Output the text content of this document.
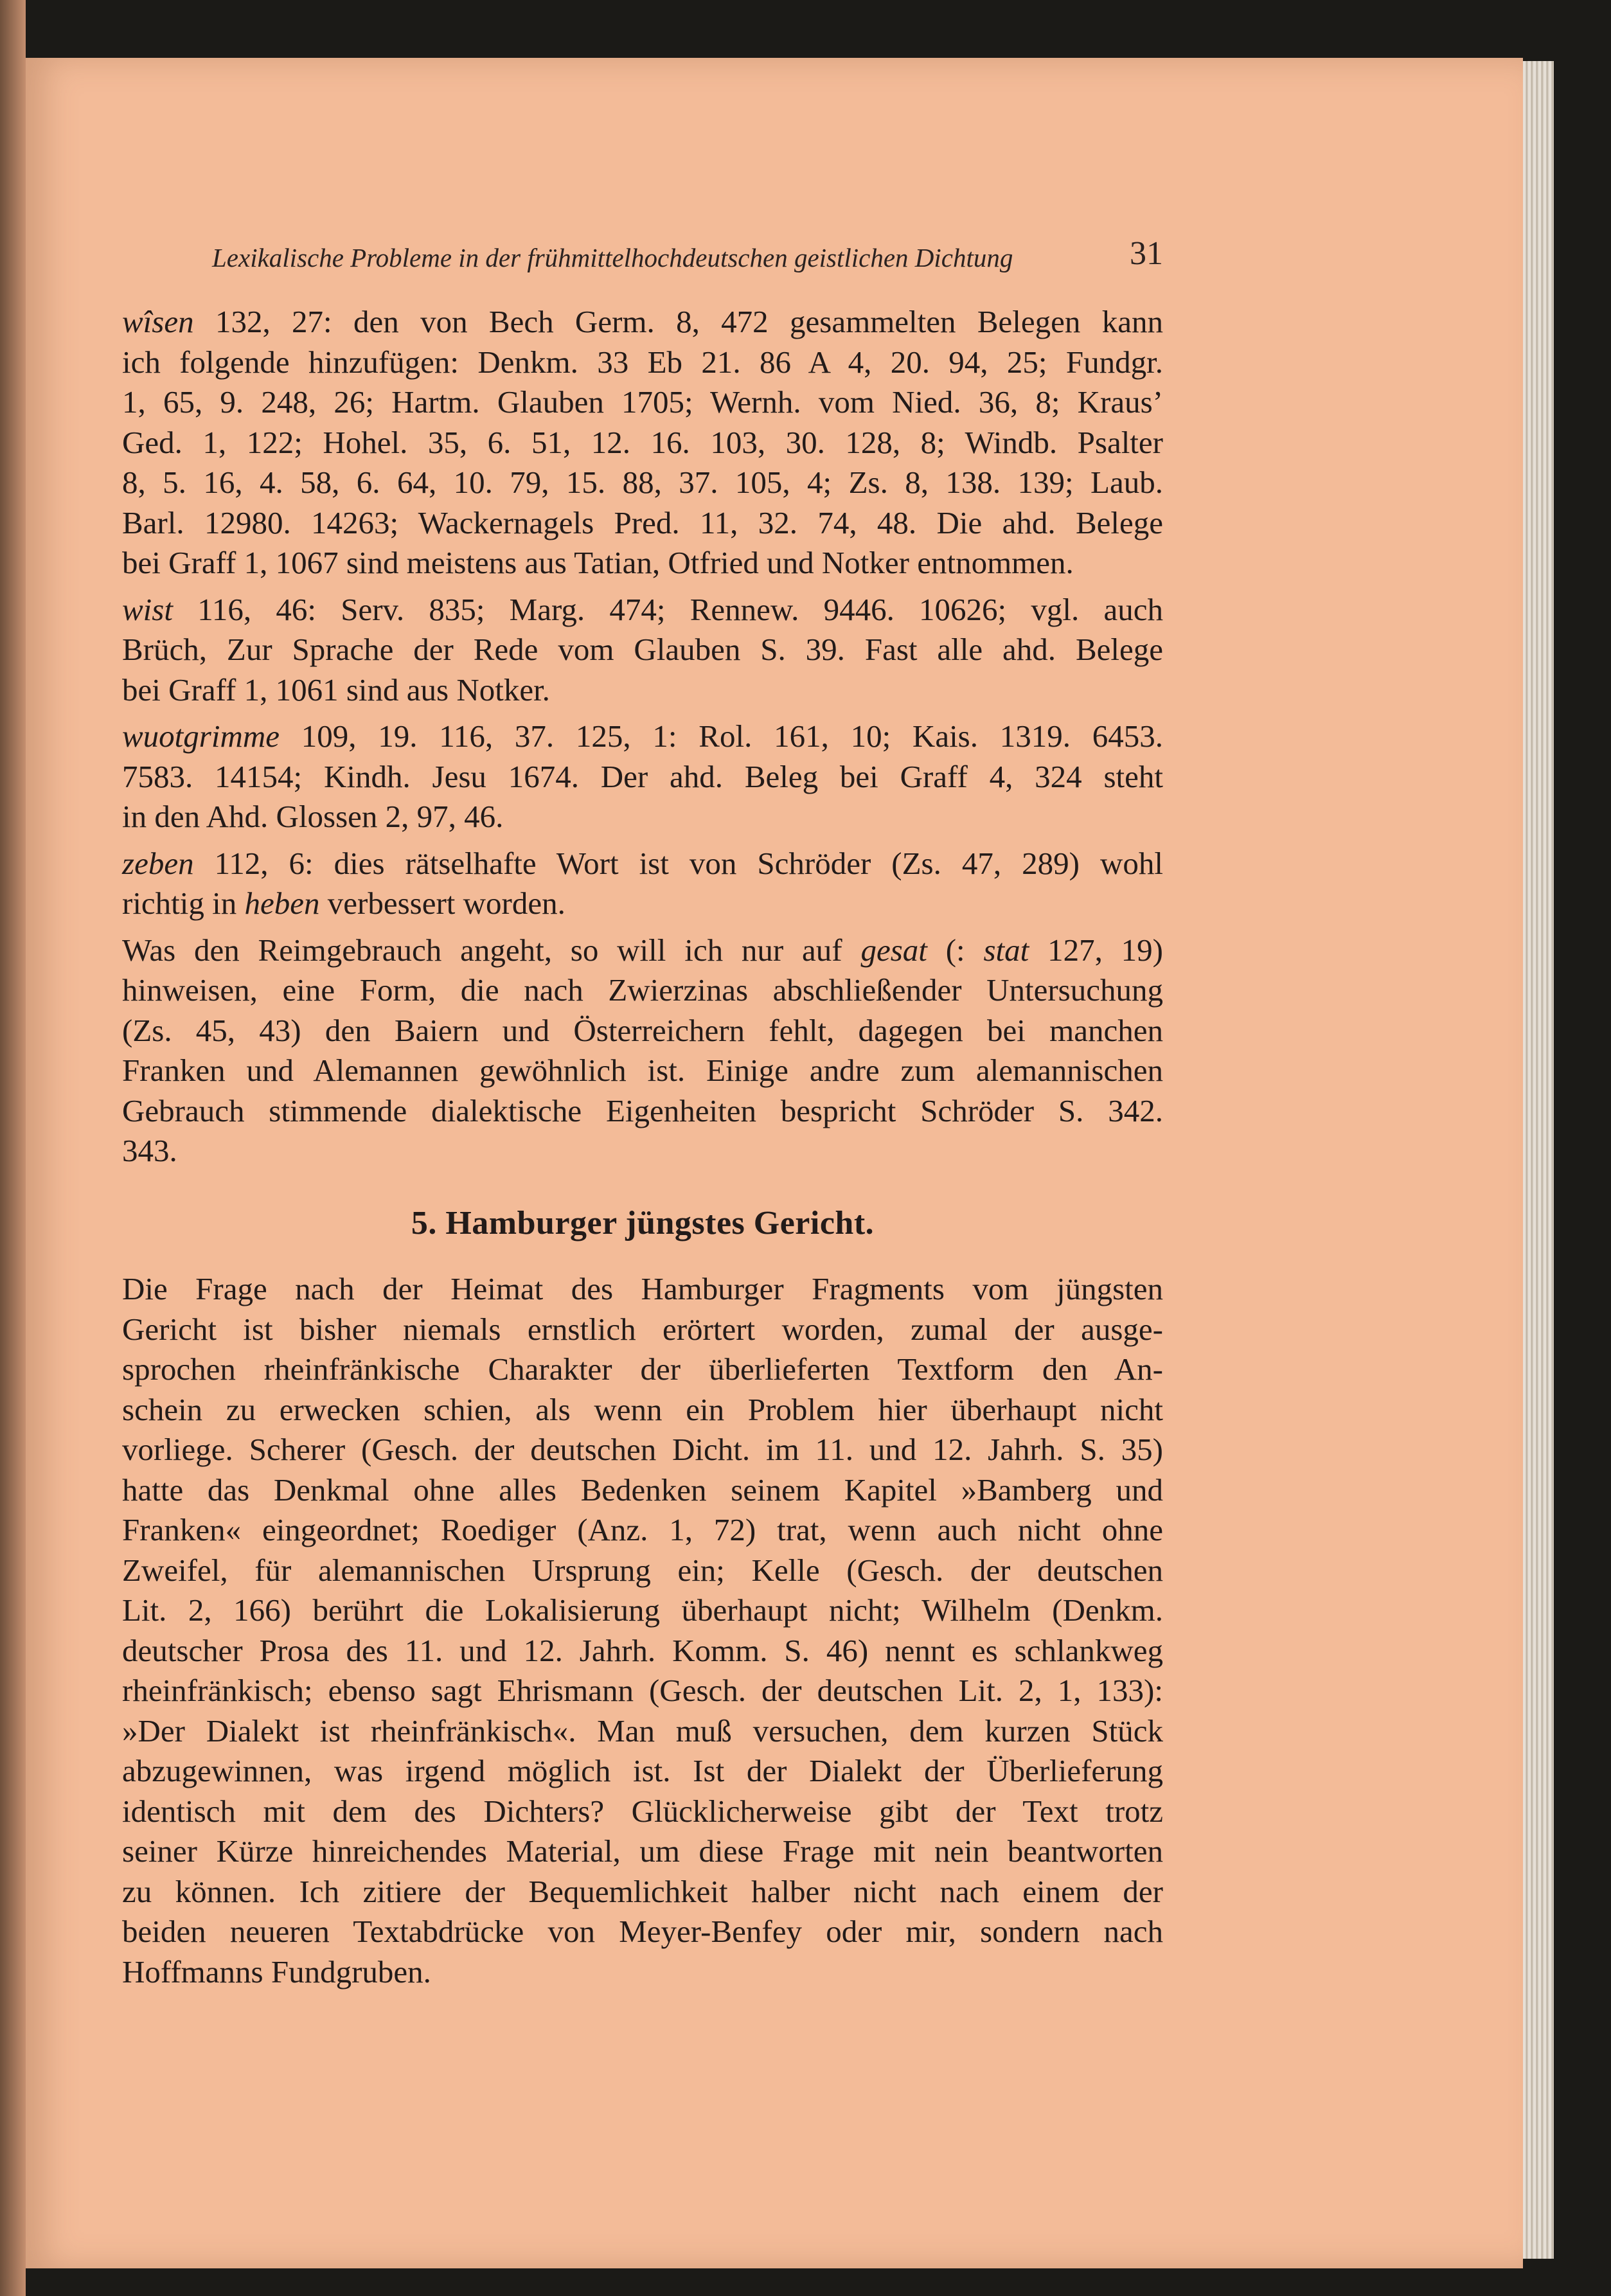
Lexikalische Probleme in der frühmittelhochdeutschen geistlichen Dichtung	31
wîsen 132, 27: den von Bech Germ. 8, 472 gesammelten Belegen kann
ich folgende hinzufügen: Denkm. 33 Eb 21. 86 A 4, 20. 94, 25; Fundgr.
1, 65, 9. 248, 26; Hartm. Glauben 1705; Wernh. vom Nied. 36, 8; Kraus’
Ged. 1, 122; Hohel. 35, 6. 51, 12. 16. 103, 30. 128, 8; Windb. Psalter
8, 5. 16, 4. 58, 6. 64, 10. 79, 15. 88, 37. 105, 4; Zs. 8, 138. 139; Laub.
Barl. 12980. 14263; Wackernagels Pred. 11, 32. 74, 48. Die ahd. Belege
bei Graff 1, 1067 sind meistens aus Tatian, Otfried und Notker entnommen.
wist 116, 46: Serv. 835; Marg. 474; Rennew. 9446. 10626; vgl. auch
Brüch, Zur Sprache der Rede vom Glauben S. 39. Fast alle ahd. Belege
bei Graff 1, 1061 sind aus Notker.
wuotgrimme 109, 19. 116, 37. 125, 1: Rol. 161, 10; Kais. 1319. 6453.
7583. 14154; Kindh. Jesu 1674. Der ahd. Beleg bei Graff 4, 324 steht
in den Ahd. Glossen 2, 97, 46.
zeben 112, 6: dies rätselhafte Wort ist von Schröder (Zs. 47, 289) wohl
richtig in heben verbessert worden.
Was den Reimgebrauch angeht, so will ich nur auf gesat (: stat 127, 19)
hinweisen, eine Form, die nach Zwierzinas abschließender Untersuchung
(Zs. 45, 43) den Baiern und Österreichern fehlt, dagegen bei manchen
Franken und Alemannen gewöhnlich ist. Einige andre zum alemannischen
Gebrauch stimmende dialektische Eigenheiten bespricht Schröder S. 342.
343.
5. Hamburger jüngstes Gericht.
Die Frage nach der Heimat des Hamburger Fragments vom jüngsten
Gericht ist bisher niemals ernstlich erörtert worden, zumal der ausge-
sprochen rheinfränkische Charakter der überlieferten Textform den An-
schein zu erwecken schien, als wenn ein Problem hier überhaupt nicht
vorliege. Scherer (Gesch. der deutschen Dicht. im 11. und 12. Jahrh. S. 35)
hatte das Denkmal ohne alles Bedenken seinem Kapitel »Bamberg und
Franken« eingeordnet; Roediger (Anz. 1, 72) trat, wenn auch nicht ohne
Zweifel, für alemannischen Ursprung ein; Kelle (Gesch. der deutschen
Lit. 2, 166) berührt die Lokalisierung überhaupt nicht; Wilhelm (Denkm.
deutscher Prosa des 11. und 12. Jahrh. Komm. S. 46) nennt es schlankweg
rheinfränkisch; ebenso sagt Ehrismann (Gesch. der deutschen Lit. 2, 1, 133):
»Der Dialekt ist rheinfränkisch«. Man muß versuchen, dem kurzen Stück
abzugewinnen, was irgend möglich ist. Ist der Dialekt der Überlieferung
identisch mit dem des Dichters? Glücklicherweise gibt der Text trotz
seiner Kürze hinreichendes Material, um diese Frage mit nein beantworten
zu können. Ich zitiere der Bequemlichkeit halber nicht nach einem der
beiden neueren Textabdrücke von Meyer-Benfey oder mir, sondern nach
Hoffmanns Fundgruben.
